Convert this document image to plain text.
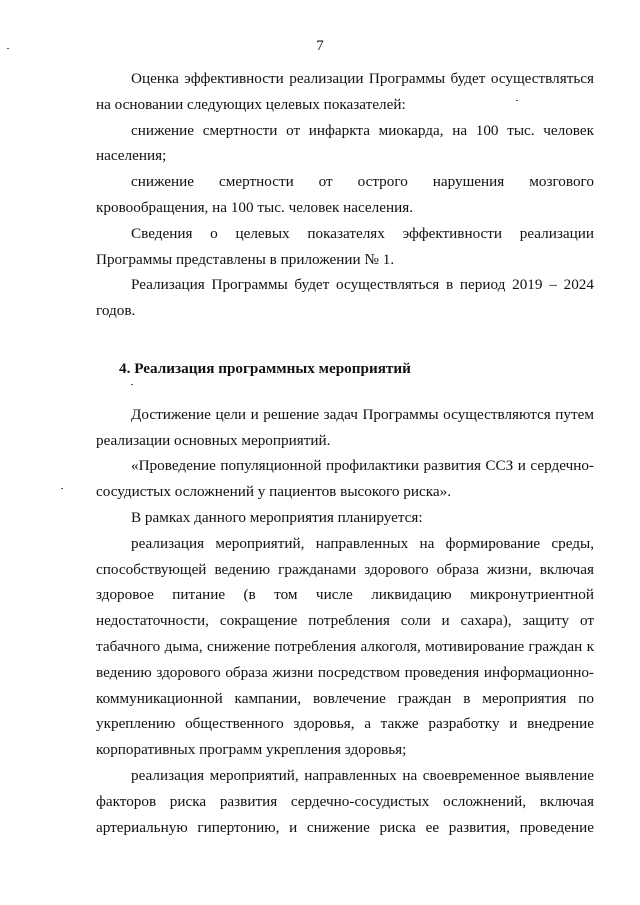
7

Оценка эффективности реализации Программы будет осуществляться на основании следующих целевых показателей:

снижение смертности от инфаркта миокарда, на 100 тыс. человек населения;

снижение смертности от острого нарушения мозгового кровообращения, на 100 тыс. человек населения.

Сведения о целевых показателях эффективности реализации Программы представлены в приложении № 1.

Реализация Программы будет осуществляться в период 2019 – 2024 годов.

4. Реализация программных мероприятий

Достижение цели и решение задач Программы осуществляются путем реализации основных мероприятий.

«Проведение популяционной профилактики развития ССЗ и сердечно-сосудистых осложнений у пациентов высокого риска».

В рамках данного мероприятия планируется:

реализация мероприятий, направленных на формирование среды, способствующей ведению гражданами здорового образа жизни, включая здоровое питание (в том числе ликвидацию микронутриентной недостаточности, сокращение потребления соли и сахара), защиту от табачного дыма, снижение потребления алкоголя, мотивирование граждан к ведению здорового образа жизни посредством проведения информационно-коммуникационной кампании, вовлечение граждан в мероприятия по укреплению общественного здоровья, а также разработку и внедрение корпоративных программ укрепления здоровья;

реализация мероприятий, направленных на своевременное выявление факторов риска развития сердечно-сосудистых осложнений, включая артериальную гипертонию, и снижение риска ее развития, проведение
